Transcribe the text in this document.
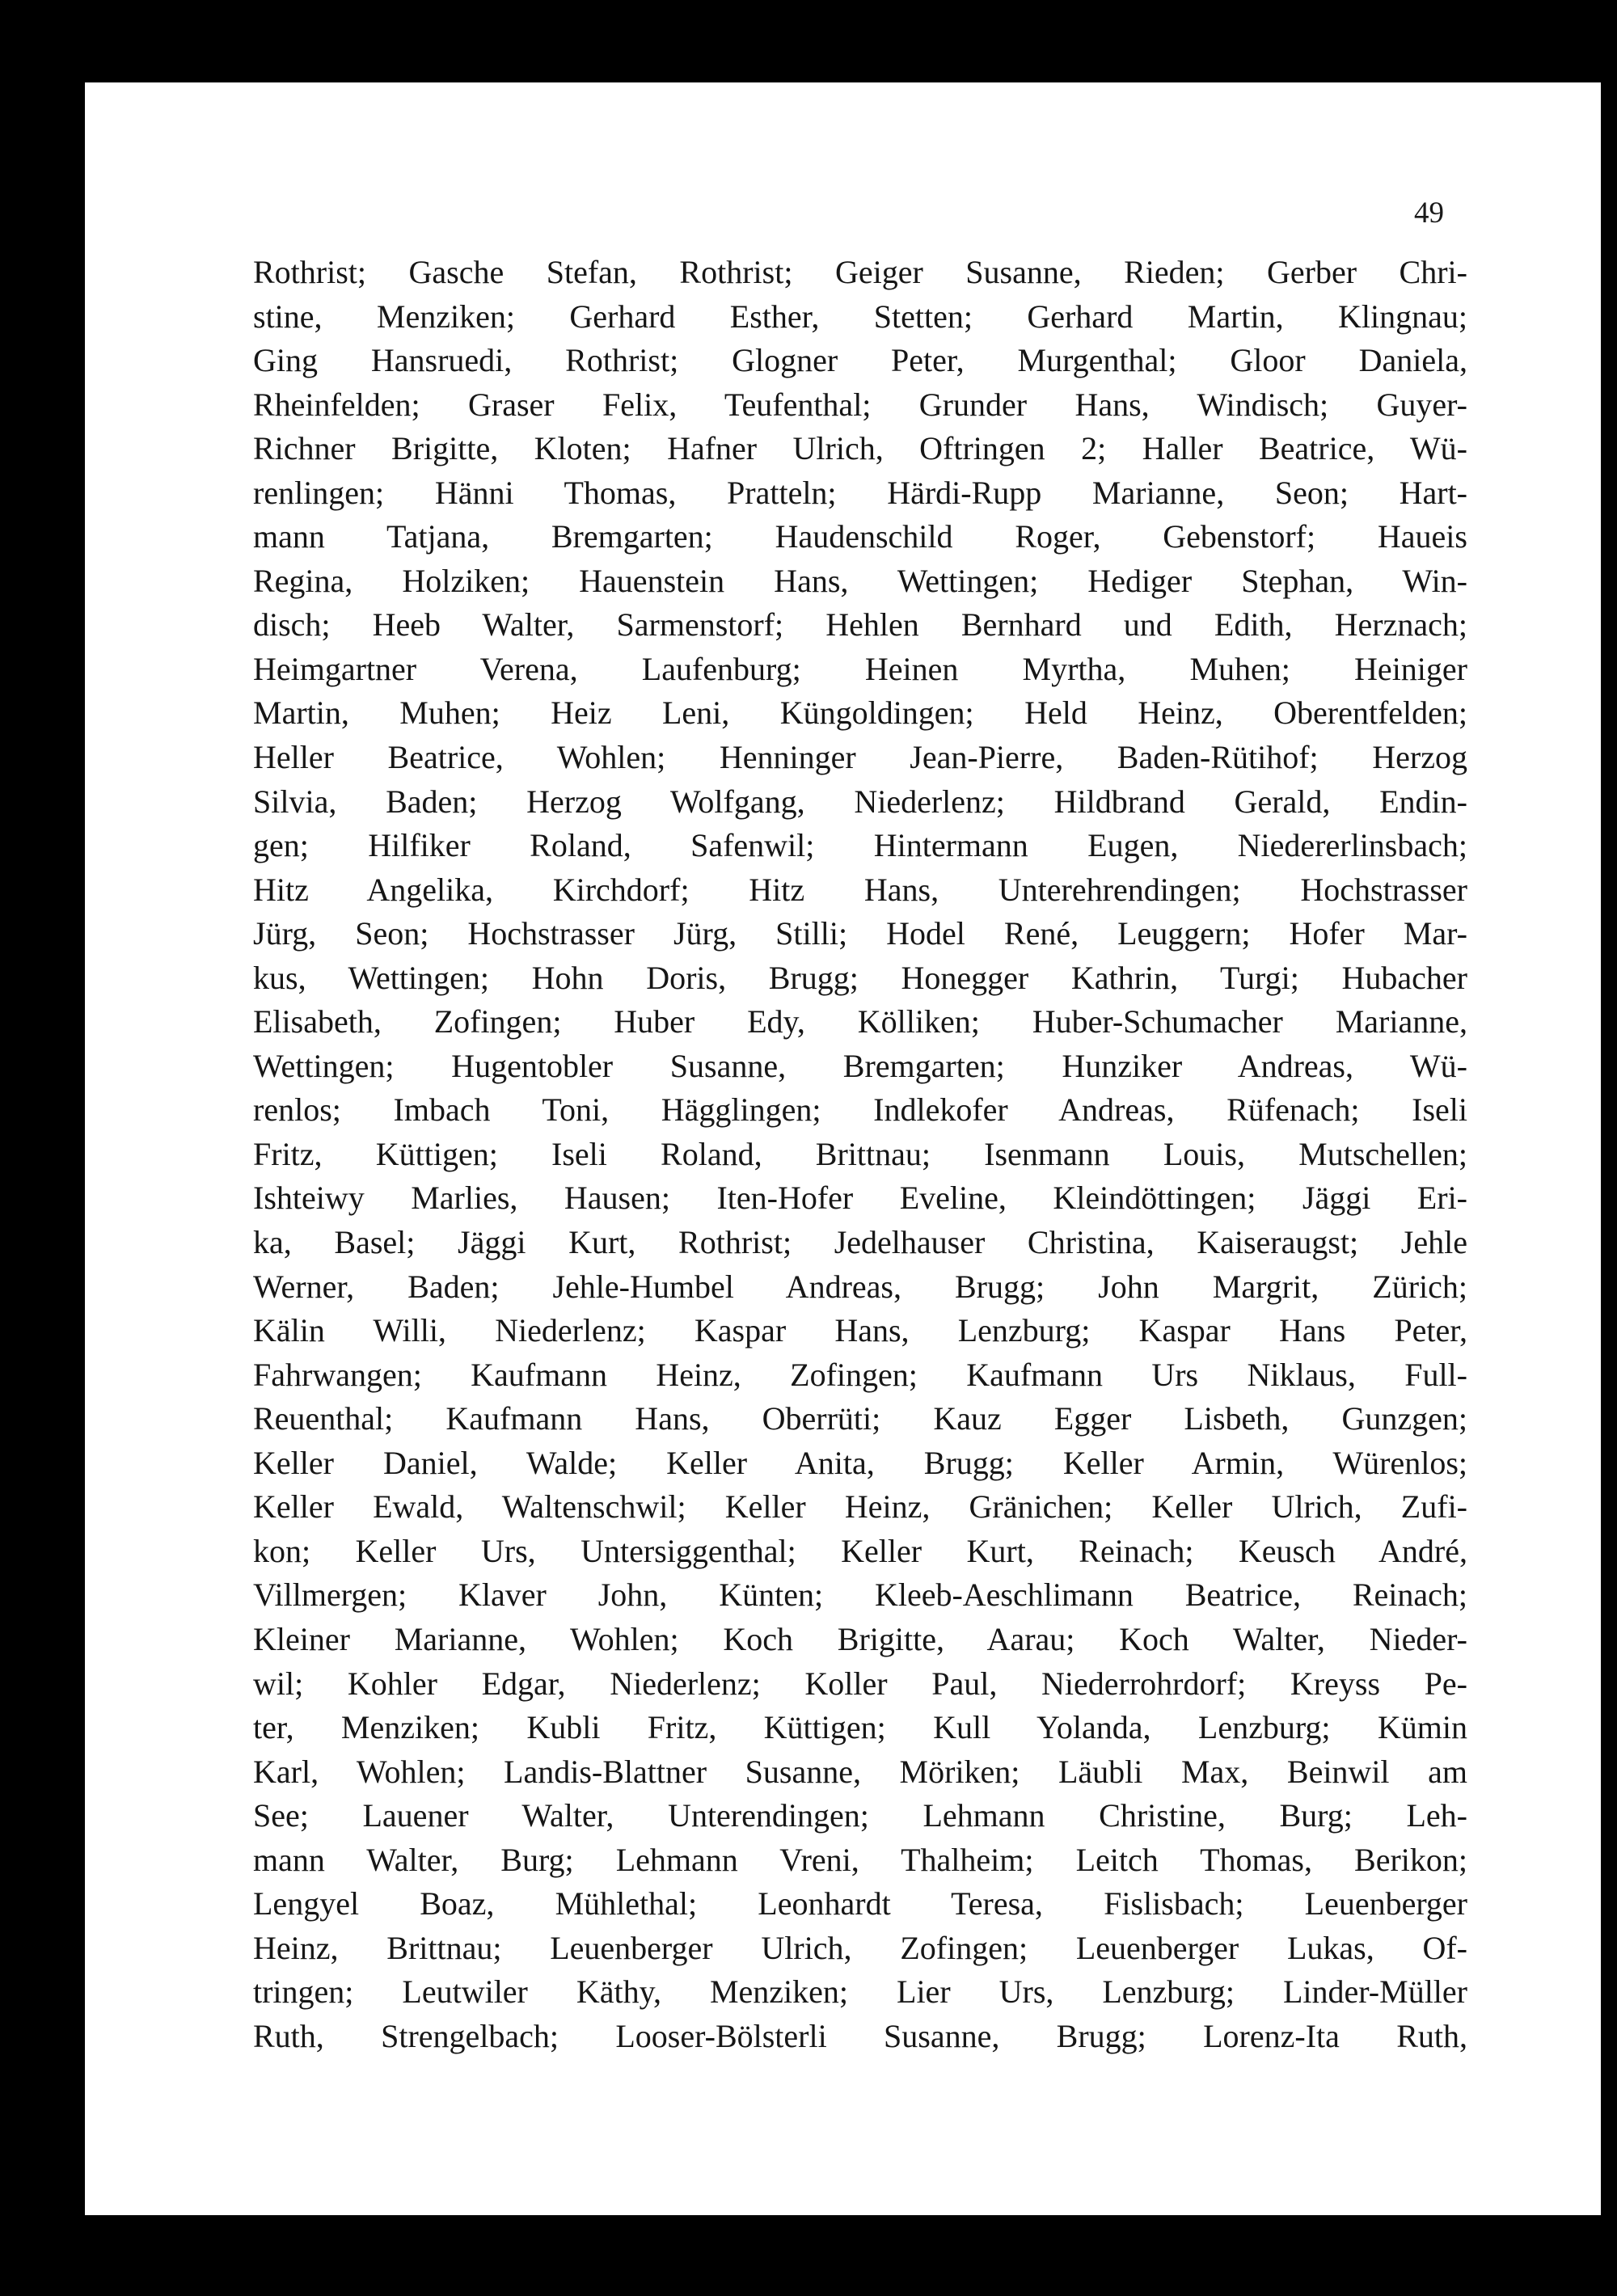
49

Rothrist; Gasche Stefan, Rothrist; Geiger Susanne, Rieden; Gerber Chri-
stine, Menziken; Gerhard Esther, Stetten; Gerhard Martin, Klingnau;
Ging Hansruedi, Rothrist; Glogner Peter, Murgenthal; Gloor Daniela,
Rheinfelden; Graser Felix, Teufenthal; Grunder Hans, Windisch; Guyer-
Richner Brigitte, Kloten; Hafner Ulrich, Oftringen 2; Haller Beatrice, Wü-
renlingen; Hänni Thomas, Pratteln; Härdi-Rupp Marianne, Seon; Hart-
mann Tatjana, Bremgarten; Haudenschild Roger, Gebenstorf; Haueis
Regina, Holziken; Hauenstein Hans, Wettingen; Hediger Stephan, Win-
disch; Heeb Walter, Sarmenstorf; Hehlen Bernhard und Edith, Herznach;
Heimgartner Verena, Laufenburg; Heinen Myrtha, Muhen; Heiniger
Martin, Muhen; Heiz Leni, Küngoldingen; Held Heinz, Oberentfelden;
Heller Beatrice, Wohlen; Henninger Jean-Pierre, Baden-Rütihof; Herzog
Silvia, Baden; Herzog Wolfgang, Niederlenz; Hildbrand Gerald, Endin-
gen; Hilfiker Roland, Safenwil; Hintermann Eugen, Niedererlinsbach;
Hitz Angelika, Kirchdorf; Hitz Hans, Unterehrendingen; Hochstrasser
Jürg, Seon; Hochstrasser Jürg, Stilli; Hodel René, Leuggern; Hofer Mar-
kus, Wettingen; Hohn Doris, Brugg; Honegger Kathrin, Turgi; Hubacher
Elisabeth, Zofingen; Huber Edy, Kölliken; Huber-Schumacher Marianne,
Wettingen; Hugentobler Susanne, Bremgarten; Hunziker Andreas, Wü-
renlos; Imbach Toni, Hägglingen; Indlekofer Andreas, Rüfenach; Iseli
Fritz, Küttigen; Iseli Roland, Brittnau; Isenmann Louis, Mutschellen;
Ishteiwy Marlies, Hausen; Iten-Hofer Eveline, Kleindöttingen; Jäggi Eri-
ka, Basel; Jäggi Kurt, Rothrist; Jedelhauser Christina, Kaiseraugst; Jehle
Werner, Baden; Jehle-Humbel Andreas, Brugg; John Margrit, Zürich;
Kälin Willi, Niederlenz; Kaspar Hans, Lenzburg; Kaspar Hans Peter,
Fahrwangen; Kaufmann Heinz, Zofingen; Kaufmann Urs Niklaus, Full-
Reuenthal; Kaufmann Hans, Oberrüti; Kauz Egger Lisbeth, Gunzgen;
Keller Daniel, Walde; Keller Anita, Brugg; Keller Armin, Würenlos;
Keller Ewald, Waltenschwil; Keller Heinz, Gränichen; Keller Ulrich, Zufi-
kon; Keller Urs, Untersiggenthal; Keller Kurt, Reinach; Keusch André,
Villmergen; Klaver John, Künten; Kleeb-Aeschlimann Beatrice, Reinach;
Kleiner Marianne, Wohlen; Koch Brigitte, Aarau; Koch Walter, Nieder-
wil; Kohler Edgar, Niederlenz; Koller Paul, Niederrohrdorf; Kreyss Pe-
ter, Menziken; Kubli Fritz, Küttigen; Kull Yolanda, Lenzburg; Kümin
Karl, Wohlen; Landis-Blattner Susanne, Möriken; Läubli Max, Beinwil am
See; Lauener Walter, Unterendingen; Lehmann Christine, Burg; Leh-
mann Walter, Burg; Lehmann Vreni, Thalheim; Leitch Thomas, Berikon;
Lengyel Boaz, Mühlethal; Leonhardt Teresa, Fislisbach; Leuenberger
Heinz, Brittnau; Leuenberger Ulrich, Zofingen; Leuenberger Lukas, Of-
tringen; Leutwiler Käthy, Menziken; Lier Urs, Lenzburg; Linder-Müller
Ruth, Strengelbach; Looser-Bölsterli Susanne, Brugg; Lorenz-Ita Ruth,
